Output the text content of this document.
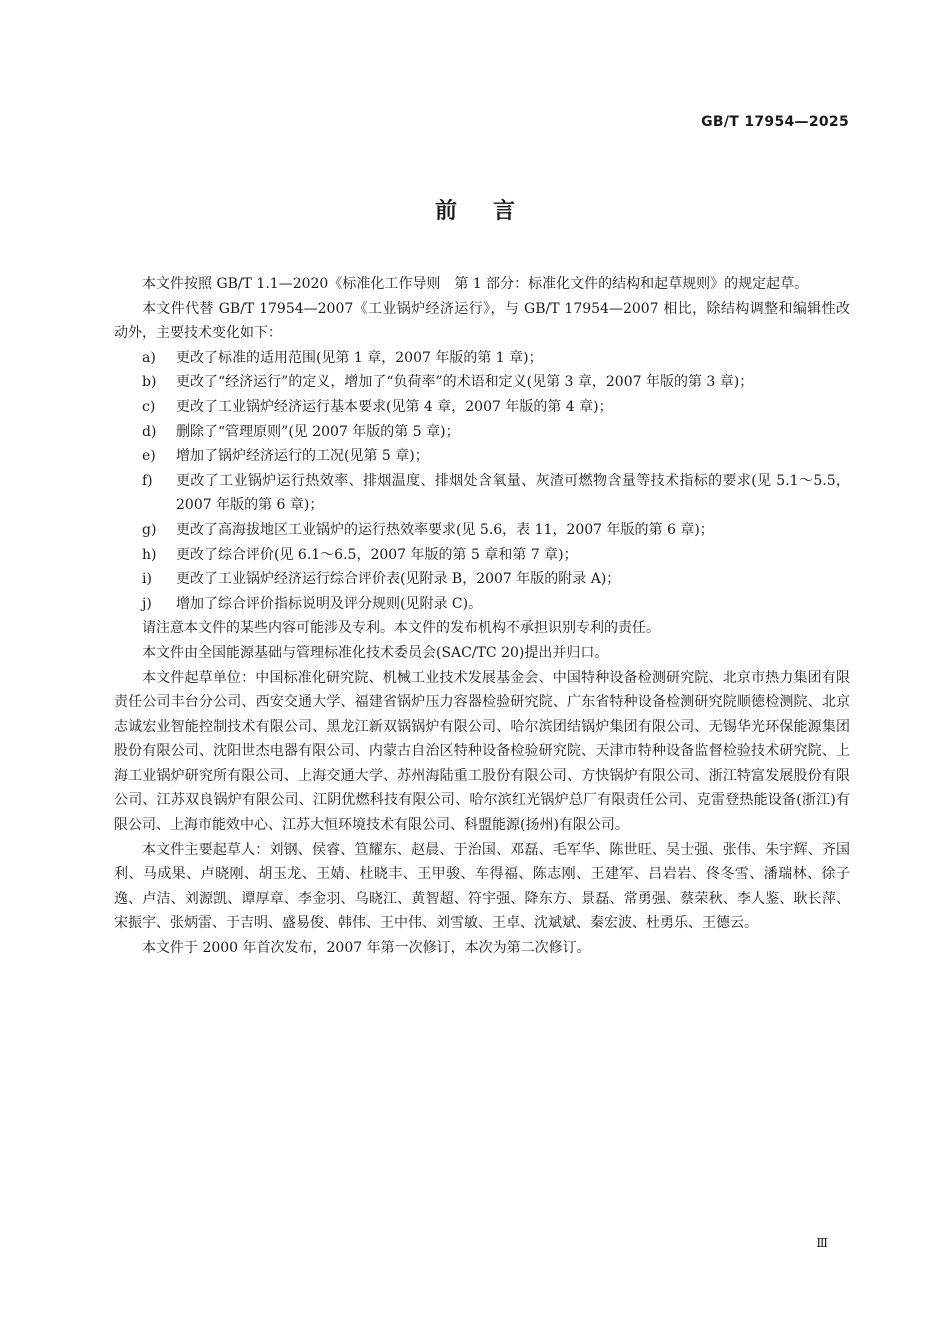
GB/T 17954—2025
前言

本文件按照 GB/T 1.1—2020《标准化工作导则　第 1 部分：标准化文件的结构和起草规则》的规定起草。

本文件代替 GB/T 17954—2007《工业锅炉经济运行》，与 GB/T 17954—2007 相比，除结构调整和编辑性改动外，主要技术变化如下：

a)	更改了标准的适用范围(见第 1 章，2007 年版的第 1 章)；
b)	更改了“经济运行”的定义，增加了“负荷率”的术语和定义(见第 3 章，2007 年版的第 3 章)；
c)	更改了工业锅炉经济运行基本要求(见第 4 章，2007 年版的第 4 章)；
d)	删除了“管理原则”(见 2007 年版的第 5 章)；
e)	增加了锅炉经济运行的工况(见第 5 章)；
f)	更改了工业锅炉运行热效率、排烟温度、排烟处含氧量、灰渣可燃物含量等技术指标的要求(见 5.1～5.5，2007 年版的第 6 章)；
g)	更改了高海拔地区工业锅炉的运行热效率要求(见 5.6，表 11，2007 年版的第 6 章)；
h)	更改了综合评价(见 6.1～6.5，2007 年版的第 5 章和第 7 章)；
i)	更改了工业锅炉经济运行综合评价表(见附录 B，2007 年版的附录 A)；
j)	增加了综合评价指标说明及评分规则(见附录 C)。

请注意本文件的某些内容可能涉及专利。本文件的发布机构不承担识别专利的责任。

本文件由全国能源基础与管理标准化技术委员会(SAC/TC 20)提出并归口。

本文件起草单位：中国标准化研究院、机械工业技术发展基金会、中国特种设备检测研究院、北京市热力集团有限责任公司丰台分公司、西安交通大学、福建省锅炉压力容器检验研究院、广东省特种设备检测研究院顺德检测院、北京志诚宏业智能控制技术有限公司、黑龙江新双锅锅炉有限公司、哈尔滨团结锅炉集团有限公司、无锡华光环保能源集团股份有限公司、沈阳世杰电器有限公司、内蒙古自治区特种设备检验研究院、天津市特种设备监督检验技术研究院、上海工业锅炉研究所有限公司、上海交通大学、苏州海陆重工股份有限公司、方快锅炉有限公司、浙江特富发展股份有限公司、江苏双良锅炉有限公司、江阴优燃科技有限公司、哈尔滨红光锅炉总厂有限责任公司、克雷登热能设备(浙江)有限公司、上海市能效中心、江苏大恒环境技术有限公司、科盟能源(扬州)有限公司。

本文件主要起草人：刘钢、侯睿、笪耀东、赵晨、于治国、邓磊、毛军华、陈世旺、吴士强、张伟、朱宇辉、齐国利、马成果、卢晓刚、胡玉龙、王婧、杜晓丰、王甲骏、车得福、陈志刚、王建军、吕岩岩、佟冬雪、潘瑞林、徐子逸、卢洁、刘源凯、谭厚章、李金羽、乌晓江、黄智超、符宇强、降东方、景磊、常勇强、蔡荣秋、李人鉴、耿长萍、宋振宇、张炳雷、于吉明、盛易俊、韩伟、王中伟、刘雪敏、王卓、沈斌斌、秦宏波、杜勇乐、王德云。

本文件于 2000 年首次发布，2007 年第一次修订，本次为第二次修订。

Ⅲ
